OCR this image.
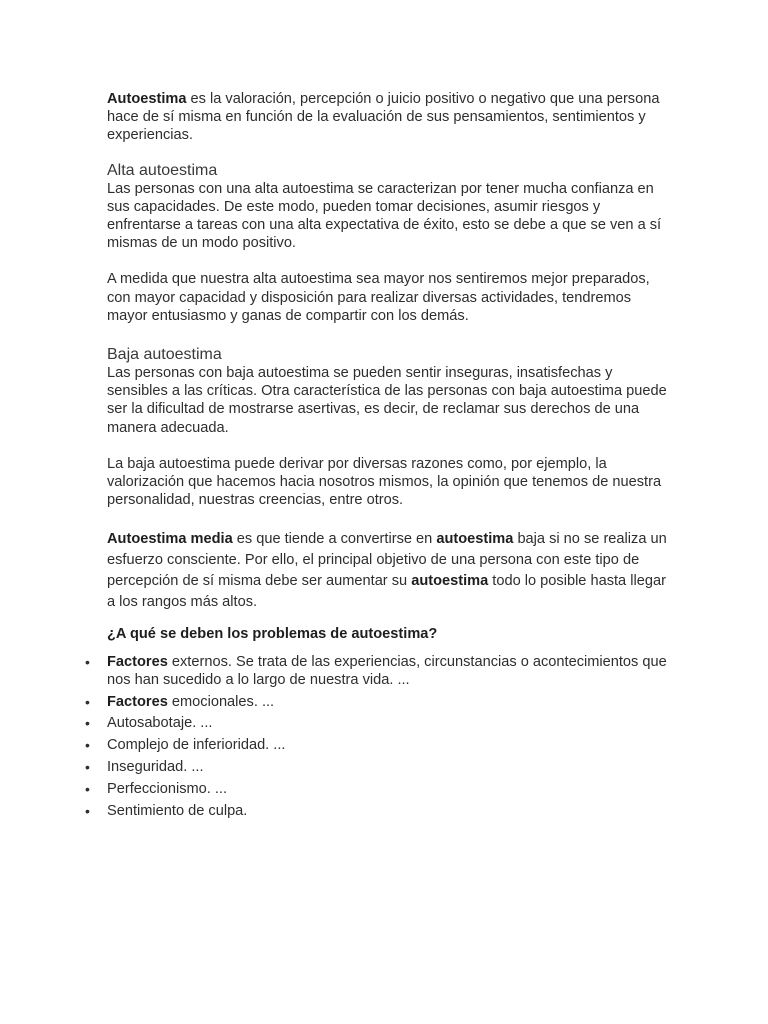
Autoestima es la valoración, percepción o juicio positivo o negativo que una persona hace de sí misma en función de la evaluación de sus pensamientos, sentimientos y experiencias.

Alta autoestima

Las personas con una alta autoestima se caracterizan por tener mucha confianza en sus capacidades. De este modo, pueden tomar decisiones, asumir riesgos y enfrentarse a tareas con una alta expectativa de éxito, esto se debe a que se ven a sí mismas de un modo positivo.

A medida que nuestra alta autoestima sea mayor nos sentiremos mejor preparados, con mayor capacidad y disposición para realizar diversas actividades, tendremos mayor entusiasmo y ganas de compartir con los demás.

Baja autoestima

Las personas con baja autoestima se pueden sentir inseguras, insatisfechas y sensibles a las críticas. Otra característica de las personas con baja autoestima puede ser la dificultad de mostrarse asertivas, es decir, de reclamar sus derechos de una manera adecuada.

La baja autoestima puede derivar por diversas razones como, por ejemplo, la valorización que hacemos hacia nosotros mismos, la opinión que tenemos de nuestra personalidad, nuestras creencias, entre otros.

Autoestima media es que tiende a convertirse en autoestima baja si no se realiza un esfuerzo consciente. Por ello, el principal objetivo de una persona con este tipo de percepción de sí misma debe ser aumentar su autoestima todo lo posible hasta llegar a los rangos más altos.

¿A qué se deben los problemas de autoestima?

• Factores externos. Se trata de las experiencias, circunstancias o acontecimientos que nos han sucedido a lo largo de nuestra vida. ...
• Factores emocionales. ...
• Autosabotaje. ...
• Complejo de inferioridad. ...
• Inseguridad. ...
• Perfeccionismo. ...
• Sentimiento de culpa.
